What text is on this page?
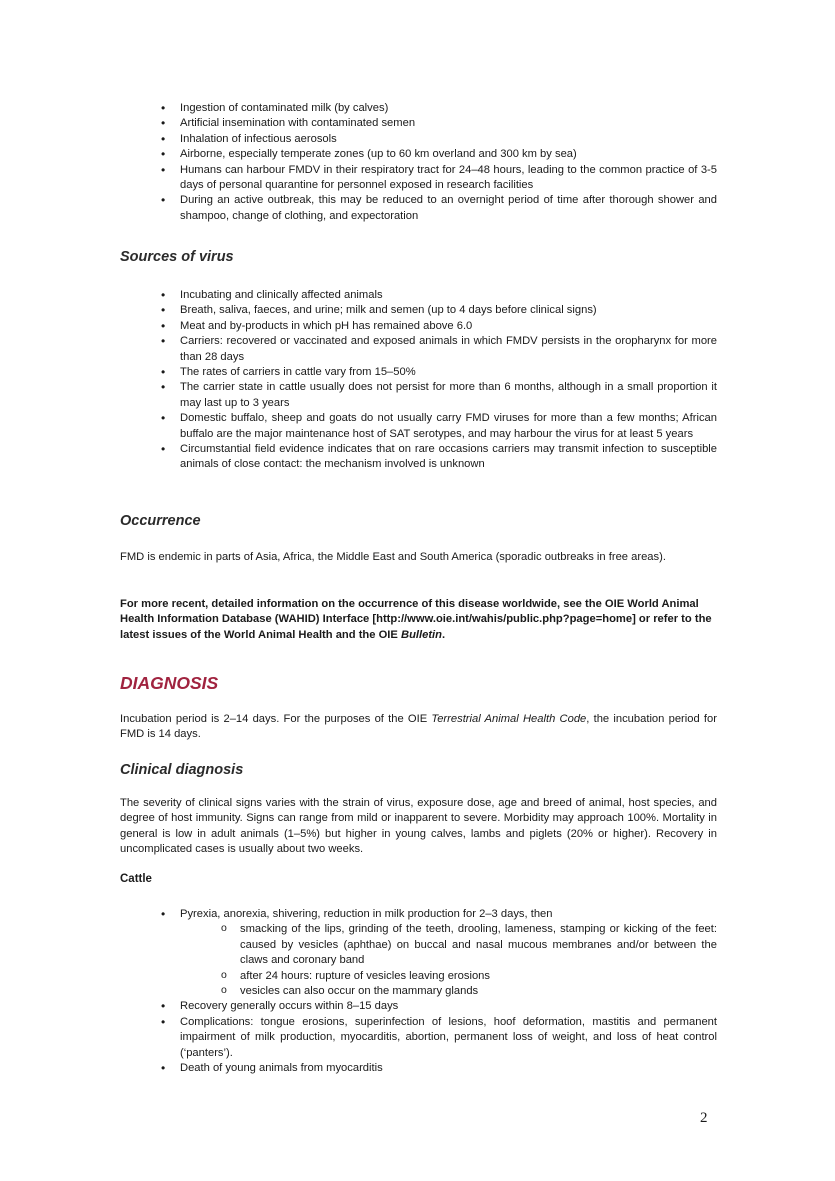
• Ingestion of contaminated milk (by calves)
• Artificial insemination with contaminated semen
• Inhalation of infectious aerosols
• Airborne, especially temperate zones (up to 60 km overland and 300 km by sea)
• Humans can harbour FMDV in their respiratory tract for 24–48 hours, leading to the common practice of 3-5 days of personal quarantine for personnel exposed in research facilities
• During an active outbreak, this may be reduced to an overnight period of time after thorough shower and shampoo, change of clothing, and expectoration
Sources of virus
• Incubating and clinically affected animals
• Breath, saliva, faeces, and urine; milk and semen (up to 4 days before clinical signs)
• Meat and by-products in which pH has remained above 6.0
• Carriers: recovered or vaccinated and exposed animals in which FMDV persists in the oropharynx for more than 28 days
• The rates of carriers in cattle vary from 15–50%
• The carrier state in cattle usually does not persist for more than 6 months, although in a small proportion it may last up to 3 years
• Domestic buffalo, sheep and goats do not usually carry FMD viruses for more than a few months; African buffalo are the major maintenance host of SAT serotypes, and may harbour the virus for at least 5 years
• Circumstantial field evidence indicates that on rare occasions carriers may transmit infection to susceptible animals of close contact: the mechanism involved is unknown
Occurrence

FMD is endemic in parts of Asia, Africa, the Middle East and South America (sporadic outbreaks in free areas).

For more recent, detailed information on the occurrence of this disease worldwide, see the OIE World Animal Health Information Database (WAHID) Interface [http://www.oie.int/wahis/public.php?page=home] or refer to the latest issues of the World Animal Health and the OIE Bulletin.

DIAGNOSIS

Incubation period is 2–14 days. For the purposes of the OIE Terrestrial Animal Health Code, the incubation period for FMD is 14 days.

Clinical diagnosis

The severity of clinical signs varies with the strain of virus, exposure dose, age and breed of animal, host species, and degree of host immunity. Signs can range from mild or inapparent to severe. Morbidity may approach 100%. Mortality in general is low in adult animals (1–5%) but higher in young calves, lambs and piglets (20% or higher). Recovery in uncomplicated cases is usually about two weeks.

Cattle
• Pyrexia, anorexia, shivering, reduction in milk production for 2–3 days, then
o smacking of the lips, grinding of the teeth, drooling, lameness, stamping or kicking of the feet: caused by vesicles (aphthae) on buccal and nasal mucous membranes and/or between the claws and coronary band
o after 24 hours: rupture of vesicles leaving erosions
o vesicles can also occur on the mammary glands
• Recovery generally occurs within 8–15 days
• Complications: tongue erosions, superinfection of lesions, hoof deformation, mastitis and permanent impairment of milk production, myocarditis, abortion, permanent loss of weight, and loss of heat control (‘panters’).
• Death of young animals from myocarditis
2
